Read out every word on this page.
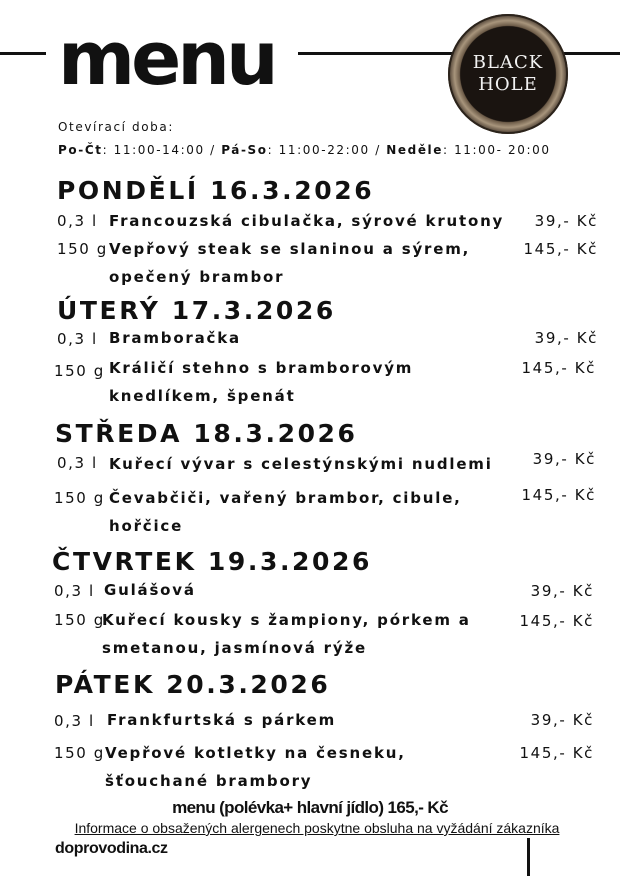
menu	BLACK
HOLE
Otevírací doba:
Po-Čt: 11:00-14:00 / Pá-So: 11:00-22:00 / Neděle: 11:00- 20:00
PONDĚLÍ 16.3.2026
0,3 l Francouzská cibulačka, sýrové krutony 39,- Kč
150 g Vepřový steak se slaninou a sýrem,
opečený brambor
145,- Kč
ÚTERÝ 17.3.2026
0,3 l Bramboračka	39,- Kč
150 g Králičí stehno s bramborovým
knedlíkem, špenát
145,- Kč
STŘEDA 18.3.2026
0,3 l Kuřecí vývar s celestýnskými nudlemi	39,- Kč
150 g Čevabčiči, vařený brambor, cibule,
hořčice
145,- Kč
ČTVRTEK 19.3.2026
0,3 l Gulášová	39,- Kč
150 g
Kuřecí kousky s žampiony, pórkem a
smetanou, jasmínová rýže
145,- Kč
PÁTEK 20.3.2026
0,3 l Frankfurtská s párkem	39,- Kč
150 g Vepřové kotletky na česneku,
šťouchané brambory
145,- Kč
menu (polévka+ hlavní jídlo) 165,- Kč
Informace o obsažených alergenech poskytne obsluha na vyžádání zákazníka
doprovodina.cz
